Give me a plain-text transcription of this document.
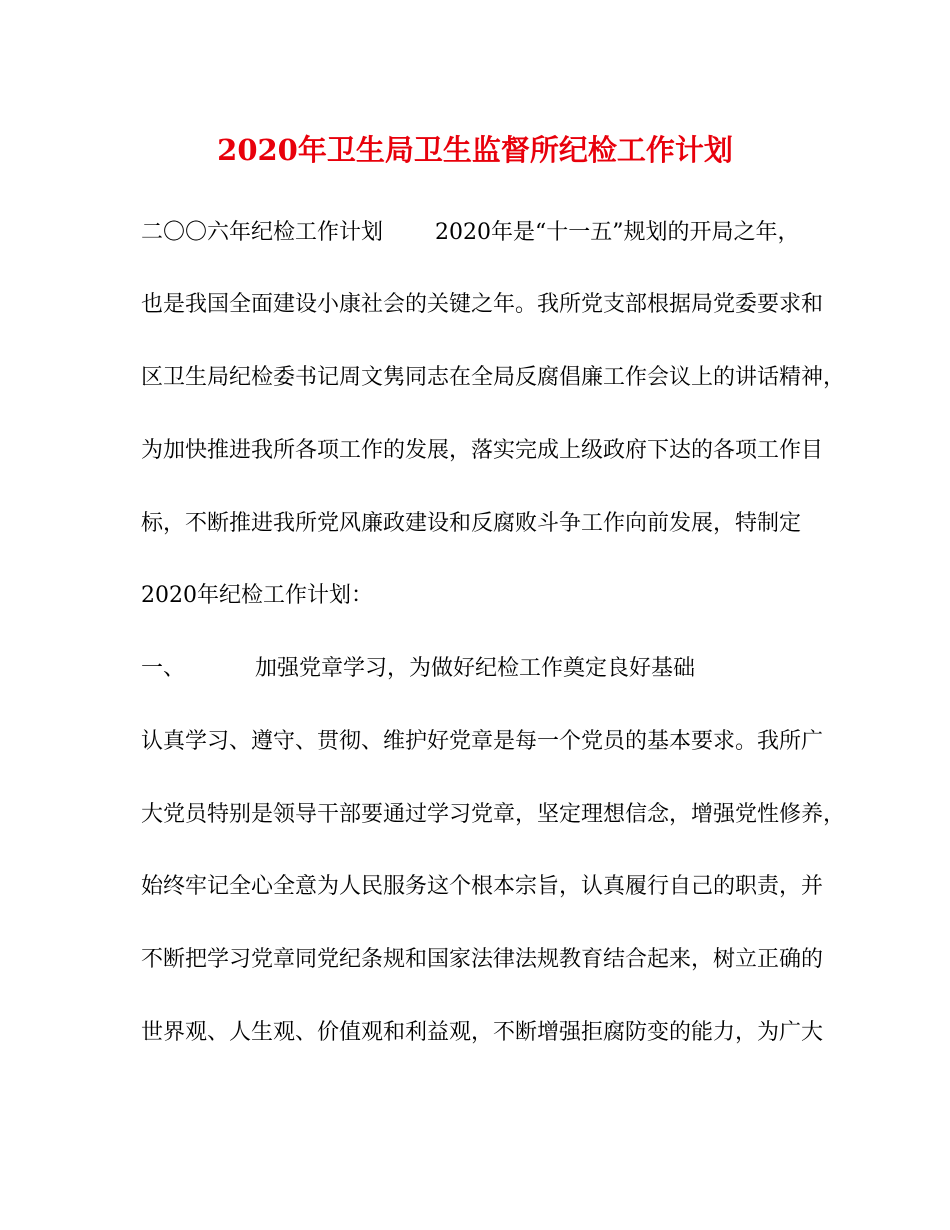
2020年卫生局卫生监督所纪检工作计划
二〇〇六年纪检工作计划 2020年是“十一五”规划的开局之年，
也是我国全面建设小康社会的关键之年。我所党支部根据局党委要求和
区卫生局纪检委书记周文隽同志在全局反腐倡廉工作会议上的讲话精神，
为加快推进我所各项工作的发展，落实完成上级政府下达的各项工作目
标，不断推进我所党风廉政建设和反腐败斗争工作向前发展，特制定
2020年纪检工作计划：
一、	加强党章学习，为做好纪检工作奠定良好基础
认真学习、遵守、贯彻、维护好党章是每一个党员的基本要求。我所广
大党员特别是领导干部要通过学习党章，坚定理想信念，增强党性修养，
始终牢记全心全意为人民服务这个根本宗旨，认真履行自己的职责，并
不断把学习党章同党纪条规和国家法律法规教育结合起来，树立正确的
世界观、人生观、价值观和利益观，不断增强拒腐防变的能力，为广大
